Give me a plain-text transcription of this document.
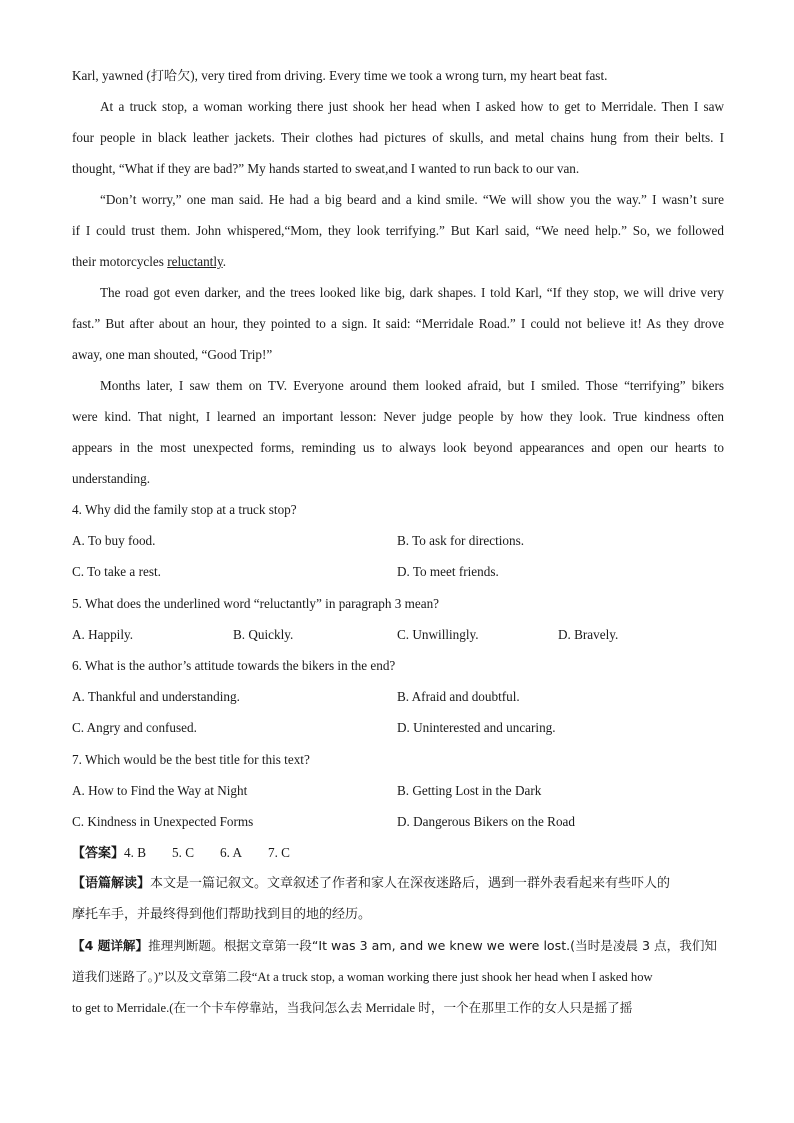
Karl, yawned (打哈欠), very tired from driving. Every time we took a wrong turn, my heart beat fast.
At a truck stop, a woman working there just shook her head when I asked how to get to Merridale. Then I saw
four people in black leather jackets. Their clothes had pictures of skulls, and metal chains hung from their belts. I
thought, “What if they are bad?” My hands started to sweat,and I wanted to run back to our van.
“Don’t worry,” one man said. He had a big beard and a kind smile. “We will show you the way.” I wasn’t sure
if I could trust them. John whispered,“Mom, they look terrifying.” But Karl said, “We need help.” So, we followed
their motorcycles reluctantly.
The road got even darker, and the trees looked like big, dark shapes. I told Karl, “If they stop, we will drive very
fast.” But after about an hour, they pointed to a sign. It said: “Merridale Road.” I could not believe it! As they drove
away, one man shouted, “Good Trip!”
Months later, I saw them on TV. Everyone around them looked afraid, but I smiled. Those “terrifying” bikers
were kind. That night, I learned an important lesson: Never judge people by how they look. True kindness often
appears in the most unexpected forms, reminding us to always look beyond appearances and open our hearts to
understanding.
4. Why did the family stop at a truck stop?
A. To buy food.	B. To ask for directions.
C. To take a rest.	D. To meet friends.
5. What does the underlined word “reluctantly” in paragraph 3 mean?
A. Happily.	B. Quickly.	C. Unwillingly.	D. Bravely.
6. What is the author’s attitude towards the bikers in the end?
A. Thankful and understanding.	B. Afraid and doubtful.
C. Angry and confused.	D. Uninterested and uncaring.
7. Which would be the best title for this text?
A. How to Find the Way at Night	B. Getting Lost in the Dark
C. Kindness in Unexpected Forms	D. Dangerous Bikers on the Road
【答案】4. B 5. C 6. A 7. C
【语篇解读】本文是一篇记叙文。文章叙述了作者和家人在深夜迷路后，遇到一群外表看起来有些吓人的
摩托车手，并最终得到他们帮助找到目的地的经历。
【4 题详解】推理判断题。根据文章第一段“It was 3 am, and we knew we were lost.(当时是凌晨 3 点，我们知
道我们迷路了。)”以及文章第二段“At a truck stop, a woman working there just shook her head when I asked how
to get to Merridale.(在一个卡车停靠站，当我问怎么去 Merridale 时，一个在那里工作的女人只是摇了摇
